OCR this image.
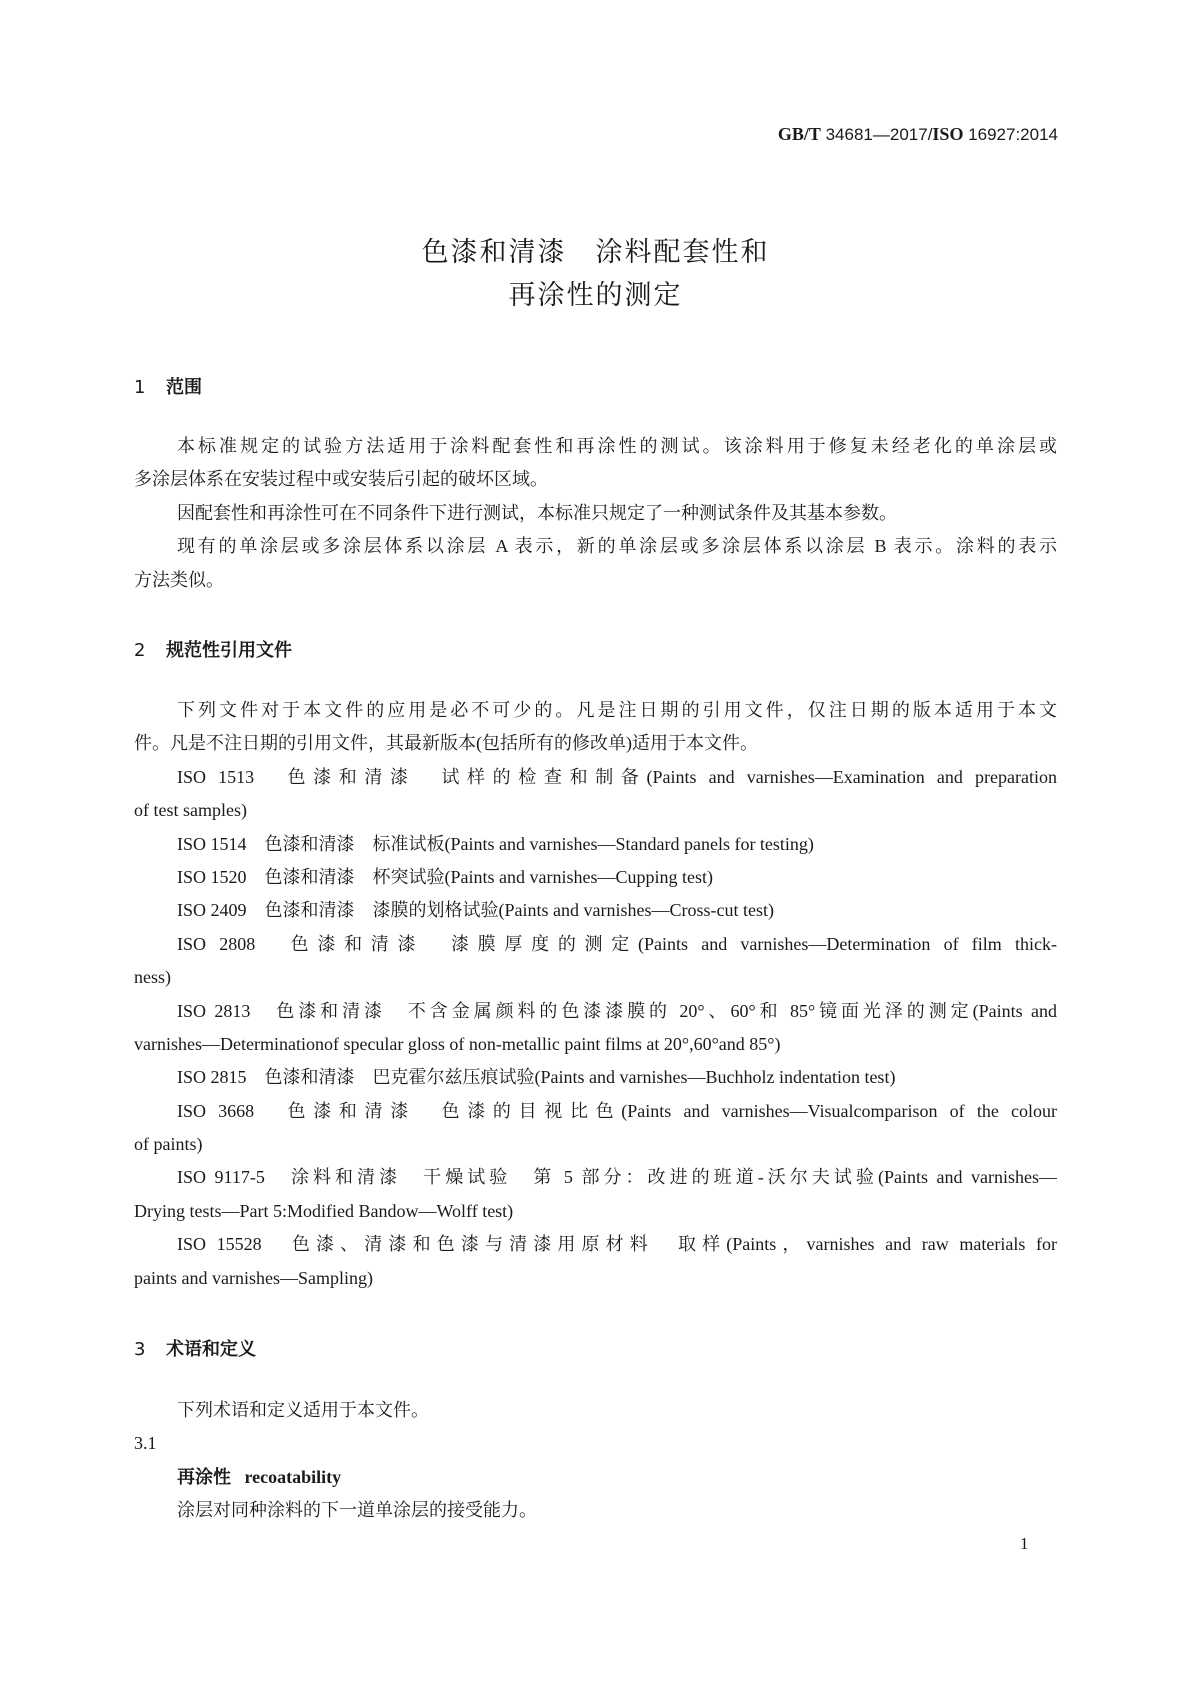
GB/T 34681—2017/ISO 16927:2014
色漆和清漆　涂料配套性和
再涂性的测定
1 范围
本标准规定的试验方法适用于涂料配套性和再涂性的测试。该涂料用于修复未经老化的单涂层或
多涂层体系在安装过程中或安装后引起的破坏区域。
因配套性和再涂性可在不同条件下进行测试，本标准只规定了一种测试条件及其基本参数。
现有的单涂层或多涂层体系以涂层 A 表示，新的单涂层或多涂层体系以涂层 B 表示。涂料的表示
方法类似。
2 规范性引用文件
下列文件对于本文件的应用是必不可少的。凡是注日期的引用文件，仅注日期的版本适用于本文
件。凡是不注日期的引用文件，其最新版本(包括所有的修改单)适用于本文件。
ISO 1513　色漆和清漆　试样的检查和制备(Paints and varnishes—Examination and preparation
of test samples)
ISO 1514　色漆和清漆　标准试板(Paints and varnishes—Standard panels for testing)
ISO 1520　色漆和清漆　杯突试验(Paints and varnishes—Cupping test)
ISO 2409　色漆和清漆　漆膜的划格试验(Paints and varnishes—Cross-cut test)
ISO 2808　色漆和清漆　漆膜厚度的测定(Paints and varnishes—Determination of film thick-
ness)
ISO 2813　色漆和清漆　不含金属颜料的色漆漆膜的 20°、60°和 85°镜面光泽的测定(Paints and
varnishes—Determinationof specular gloss of non-metallic paint films at 20°,60°and 85°)
ISO 2815　色漆和清漆　巴克霍尔兹压痕试验(Paints and varnishes—Buchholz indentation test)
ISO 3668　色漆和清漆　色漆的目视比色(Paints and varnishes—Visualcomparison of the colour
of paints)
ISO 9117-5　涂料和清漆　干燥试验　第 5 部分：改进的班道-沃尔夫试验(Paints and varnishes—
Drying tests—Part 5:Modified Bandow—Wolff test)
ISO 15528　色漆、清漆和色漆与清漆用原材料　取样(Paints，varnishes and raw materials for
paints and varnishes—Sampling)
3 术语和定义
下列术语和定义适用于本文件。
3.1
再涂性 recoatability
涂层对同种涂料的下一道单涂层的接受能力。
1
